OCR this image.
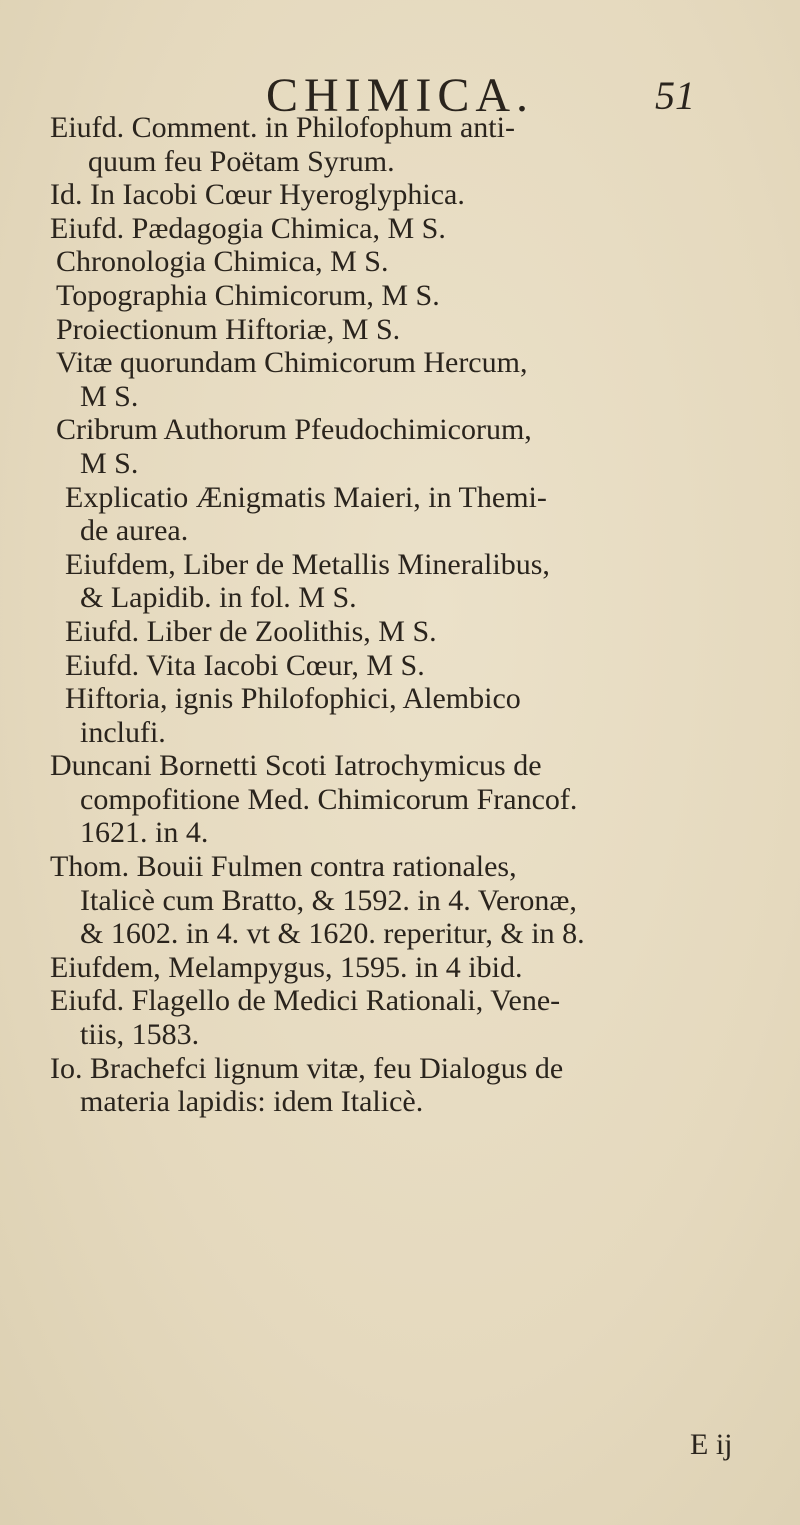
CHIMICA.	51
Eiufd. Comment. in Philofophum anti-
quum feu Poëtam Syrum.
Id. In Iacobi Cœur Hyeroglyphica.
Eiufd. Pædagogia Chimica, M S.
Chronologia Chimica, M S.
Topographia Chimicorum, M S.
Proiectionum Hiftoriæ, M S.
Vitæ quorundam Chimicorum Hercum,
M S.
Cribrum Authorum Pfeudochimicorum,
M S.
Explicatio Ænigmatis Maieri, in Themi-
de aurea.
Eiufdem, Liber de Metallis Mineralibus,
& Lapidib. in fol. M S.
Eiufd. Liber de Zoolithis, M S.
Eiufd. Vita Iacobi Cœur, M S.
Hiftoria, ignis Philofophici, Alembico
inclufi.
Duncani Bornetti Scoti Iatrochymicus de
compofitione Med. Chimicorum Francof.
1621. in 4.
Thom. Bouii Fulmen contra rationales,
Italicè cum Bratto, & 1592. in 4. Veronæ,
& 1602. in 4. vt & 1620. reperitur, & in 8.
Eiufdem, Melampygus, 1595. in 4 ibid.
Eiufd. Flagello de Medici Rationali, Vene-
tiis, 1583.
Io. Brachefci lignum vitæ, feu Dialogus de
materia lapidis: idem Italicè.
E ij
